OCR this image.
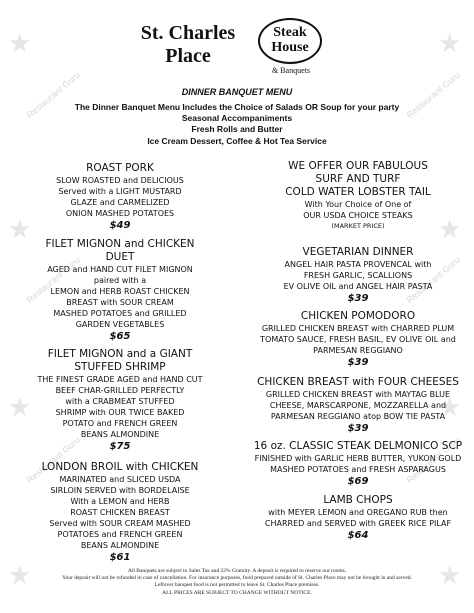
★	★
★	★
★	★
★	★
Restaurant Guru	Restaurant Guru
Restaurant Guru	Restaurant Guru
Restaurant Guru	Restaurant Guru
St. Charles
Place
Steak
House
& Banquets
DINNER BANQUET MENU
The Dinner Banquet Menu Includes the Choice of Salads OR Soup for your party
Seasonal Accompaniments
Fresh Rolls and Butter
Ice Cream Dessert, Coffee & Hot Tea Service
ROAST PORK
SLOW ROASTED and DELICIOUS
Served with a LIGHT MUSTARD
GLAZE and CARMELIZED
ONION MASHED POTATOES
$49
FILET MIGNON and CHICKEN
DUET
AGED and HAND CUT FILET MIGNON
paired with a
LEMON and HERB ROAST CHICKEN
BREAST with SOUR CREAM
MASHED POTATOES and GRILLED
GARDEN VEGETABLES
$65
FILET MIGNON and a GIANT
STUFFED SHRIMP
THE FINEST GRADE AGED and HAND CUT
BEEF CHAR-GRILLED PERFECTLY
with a CRABMEAT STUFFED
SHRIMP with OUR TWICE BAKED
POTATO and FRENCH GREEN
BEANS ALMONDINE
$75
LONDON BROIL with CHICKEN
MARINATED and SLICED USDA
SIRLOIN SERVED with BORDELAISE
With a LEMON and HERB
ROAST CHICKEN BREAST
Served with SOUR CREAM MASHED
POTATOES and FRENCH GREEN
BEANS ALMONDINE
$61
WE OFFER OUR FABULOUS
SURF AND TURF
COLD WATER LOBSTER TAIL
With Your Choice of One of
OUR USDA CHOICE STEAKS
(MARKET PRICE)
VEGETARIAN DINNER
ANGEL HAIR PASTA PROVENCAL with
FRESH GARLIC, SCALLIONS
EV OLIVE OIL and ANGEL HAIR PASTA
$39
CHICKEN POMODORO
GRILLED CHICKEN BREAST with CHARRED PLUM
TOMATO SAUCE, FRESH BASIL, EV OLIVE OIL and
PARMESAN REGGIANO
$39
CHICKEN BREAST with FOUR CHEESES
GRILLED CHICKEN BREAST with MAYTAG BLUE
CHEESE, MARSCARPONE, MOZZARELLA and
PARMESAN REGGIANO atop BOW TIE PASTA
$39
16 oz. CLASSIC STEAK DELMONICO SCP
FINISHED with GARLIC HERB BUTTER, YUKON GOLD
MASHED POTATOES and FRESH ASPARAGUS
$69
LAMB CHOPS
with MEYER LEMON and OREGANO RUB then
CHARRED and SERVED with GREEK RICE PILAF
$64
All Banquets are subject to Sales Tax and 22% Gratuity. A deposit is required to reserve our rooms.
Your deposit will not be refunded in case of cancellation. For insurance purposes, food prepared outside of St. Charles Place may not be brought in and served.
Leftover banquet food is not permitted to leave St. Charles Place premises.
ALL PRICES ARE SUBJECT TO CHANGE WITHOUT NOTICE.
